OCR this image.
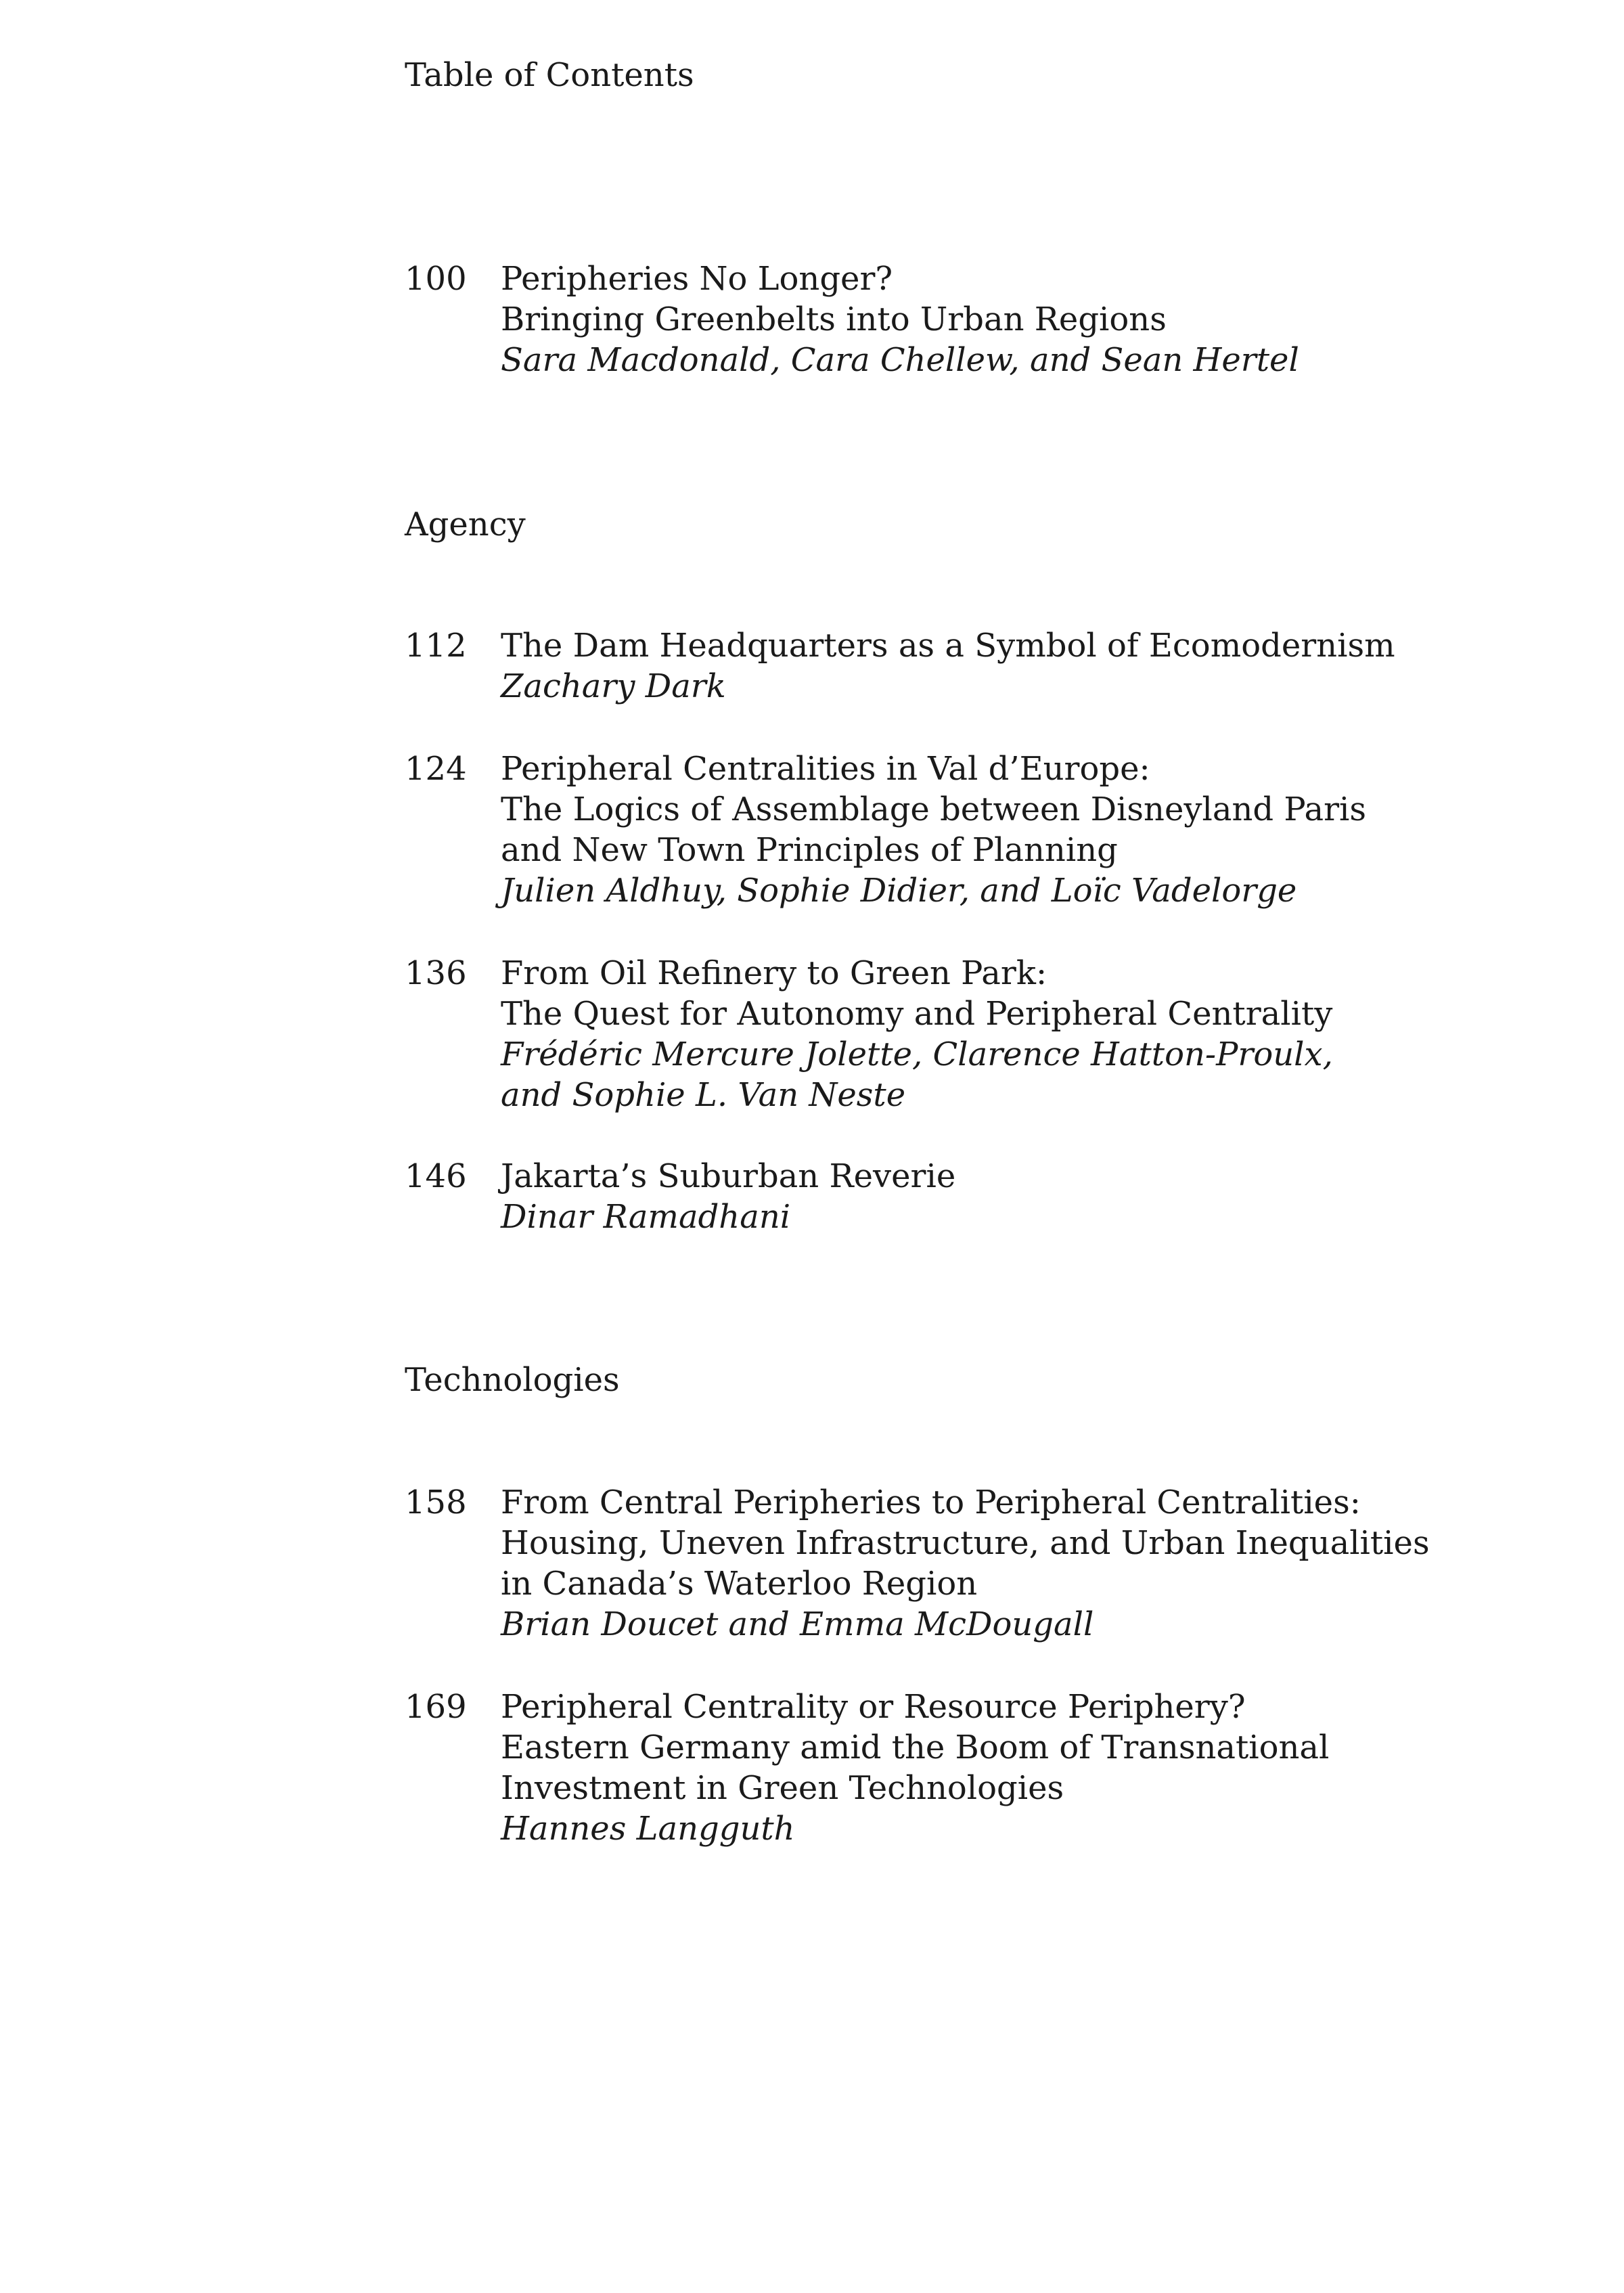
Table of Contents
100 Peripheries No Longer?
Bringing Greenbelts into Urban Regions
Sara Macdonald, Cara Chellew, and Sean Hertel
Agency
112 The Dam Headquarters as a Symbol of Ecomodernism
Zachary Dark
124 Peripheral Centralities in Val d’Europe:
The Logics of Assemblage between Disneyland Paris
and New Town Principles of Planning
Julien Aldhuy, Sophie Didier, and Loïc Vadelorge
136 From Oil Refinery to Green Park:
The Quest for Autonomy and Peripheral Centrality
Frédéric Mercure Jolette, Clarence Hatton-Proulx,
and Sophie L. Van Neste
146 Jakarta’s Suburban Reverie
Dinar Ramadhani
Technologies
158 From Central Peripheries to Peripheral Centralities:
Housing, Uneven Infrastructure, and Urban Inequalities
in Canada’s Waterloo Region
Brian Doucet and Emma McDougall
169 Peripheral Centrality or Resource Periphery?
Eastern Germany amid the Boom of Transnational
Investment in Green Technologies
Hannes Langguth
